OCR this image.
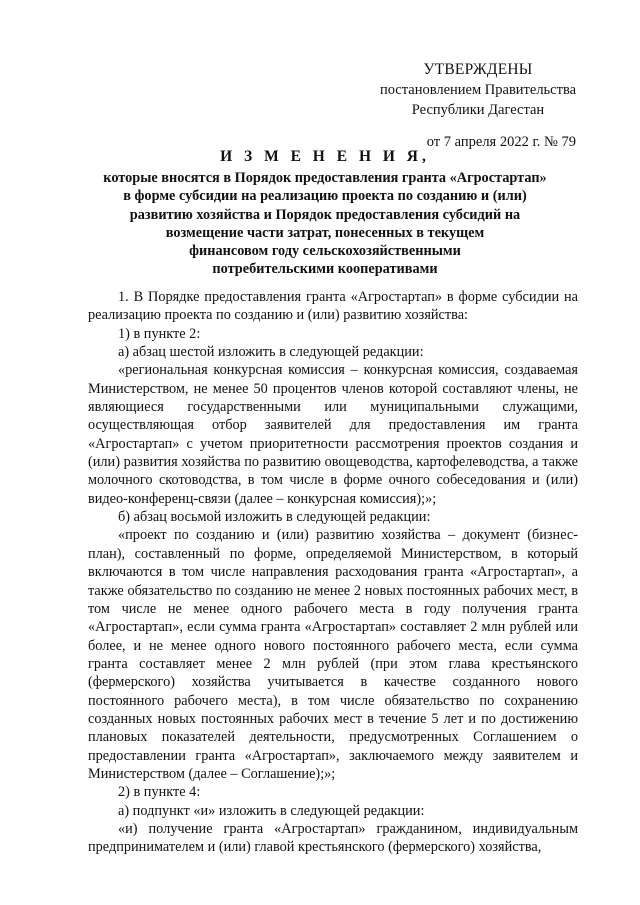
УТВЕРЖДЕНЫ
постановлением Правительства
Республики Дагестан
от 7 апреля 2022 г. № 79
И З М Е Н Е Н И Я,
которые вносятся в Порядок предоставления гранта «Агростартап»
в форме субсидии на реализацию проекта по созданию и (или)
развитию хозяйства и Порядок предоставления субсидий на
возмещение части затрат, понесенных в текущем
финансовом году сельскохозяйственными
потребительскими кооперативами

1. В Порядке предоставления гранта «Агростартап» в форме субсидии на реализацию проекта по созданию и (или) развитию хозяйства:

1) в пункте 2:

а) абзац шестой изложить в следующей редакции:

«региональная конкурсная комиссия – конкурсная комиссия, создаваемая Министерством, не менее 50 процентов членов которой составляют члены, не являющиеся государственными или муниципальными служащими, осуществляющая отбор заявителей для предоставления им гранта «Агростартап» с учетом приоритетности рассмотрения проектов создания и (или) развития хозяйства по развитию овощеводства, картофелеводства, а также молочного скотоводства, в том числе в форме очного собеседования и (или) видео-конференц-связи (далее – конкурсная комиссия);»;

б) абзац восьмой изложить в следующей редакции:

«проект по созданию и (или) развитию хозяйства – документ (бизнес-план), составленный по форме, определяемой Министерством, в который включаются в том числе направления расходования гранта «Агростартап», а также обязательство по созданию не менее 2 новых постоянных рабочих мест, в том числе не менее одного рабочего места в году получения гранта «Агростартап», если сумма гранта «Агростартап» составляет 2 млн рублей или более, и не менее одного нового постоянного рабочего места, если сумма гранта составляет менее 2 млн рублей (при этом глава крестьянского (фермерского) хозяйства учитывается в качестве созданного нового постоянного рабочего места), в том числе обязательство по сохранению созданных новых постоянных рабочих мест в течение 5 лет и по достижению плановых показателей деятельности, предусмотренных Соглашением о предоставлении гранта «Агростартап», заключаемого между заявителем и Министерством (далее – Соглашение);»;

2) в пункте 4:

а) подпункт «и» изложить в следующей редакции:

«и) получение гранта «Агростартап» гражданином, индивидуальным предпринимателем и (или) главой крестьянского (фермерского) хозяйства,
